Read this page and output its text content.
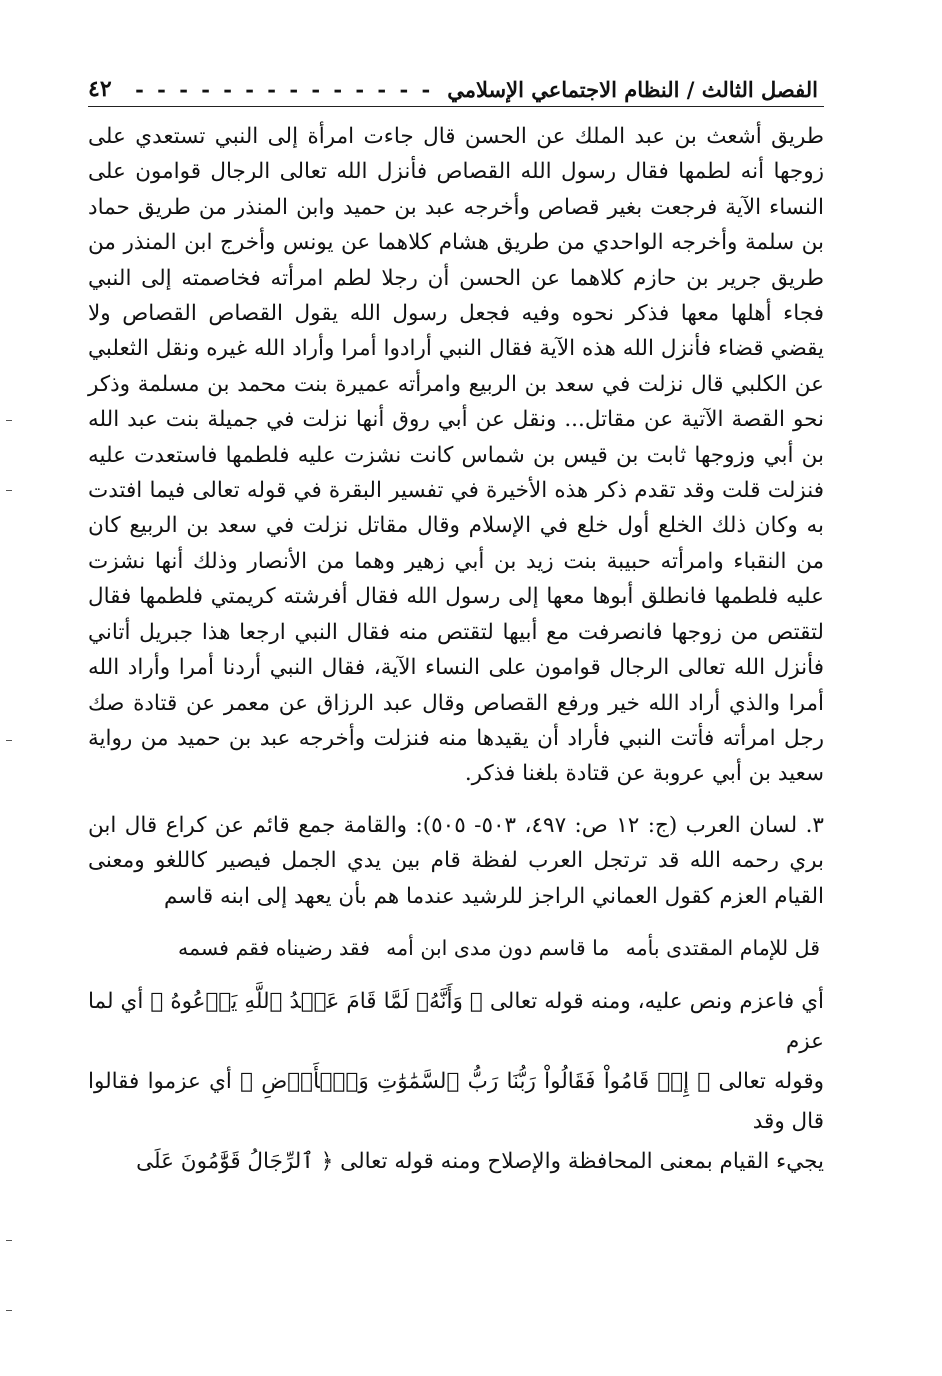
الفصل الثالث / النظام الاجتماعي الإسلامي
- - - - - - - - - - - - - -
٤٢

طريق أشعث بن عبد الملك عن الحسن قال جاءت امرأة إلى النبي تستعدي على زوجها أنه لطمها فقال رسول الله القصاص فأنزل الله تعالى الرجال قوامون على النساء الآية فرجعت بغير قصاص وأخرجه عبد بن حميد وابن المنذر من طريق حماد بن سلمة وأخرجه الواحدي من طريق هشام كلاهما عن يونس وأخرج ابن المنذر من طريق جرير بن حازم كلاهما عن الحسن أن رجلا لطم امرأته فخاصمته إلى النبي فجاء أهلها معها فذكر نحوه وفيه فجعل رسول الله يقول القصاص القصاص ولا يقضي قضاء فأنزل الله هذه الآية فقال النبي أرادوا أمرا وأراد الله غيره ونقل الثعلبي عن الكلبي قال نزلت في سعد بن الربيع وامرأته عميرة بنت محمد بن مسلمة وذكر نحو القصة الآتية عن مقاتل... ونقل عن أبي روق أنها نزلت في جميلة بنت عبد الله بن أبي وزوجها ثابت بن قيس بن شماس كانت نشزت عليه فلطمها فاستعدت عليه فنزلت قلت وقد تقدم ذكر هذه الأخيرة في تفسير البقرة في قوله تعالى فيما افتدت به وكان ذلك الخلع أول خلع في الإسلام وقال مقاتل نزلت في سعد بن الربيع كان من النقباء وامرأته حبيبة بنت زيد بن أبي زهير وهما من الأنصار وذلك أنها نشزت عليه فلطمها فانطلق أبوها معها إلى رسول الله فقال أفرشته كريمتي فلطمها فقال لتقتص من زوجها فانصرفت مع أبيها لتقتص منه فقال النبي ارجعا هذا جبريل أتاني فأنزل الله تعالى الرجال قوامون على النساء الآية، فقال النبي أردنا أمرا وأراد الله أمرا والذي أراد الله خير ورفع القصاص وقال عبد الرزاق عن معمر عن قتادة صك رجل امرأته فأتت النبي فأراد أن يقيدها منه فنزلت وأخرجه عبد بن حميد من رواية سعيد بن أبي عروبة عن قتادة بلغنا فذكر.

٣. لسان العرب (ج: ١٢ ص: ٤٩٧، ٥٠٣- ٥٠٥): والقامة جمع قائم عن كراع قال ابن بري رحمه الله قد ترتجل العرب لفظة قام بين يدي الجمل فيصير كاللغو ومعنى القيام العزم كقول العماني الراجز للرشيد عندما هم بأن يعهد إلى ابنه قاسم

قل للإمام المقتدى بأمه
ما قاسم دون مدى ابن أمه
فقد رضيناه فقم فسمه

أي فاعزم ونص عليه، ومنه قوله تعالى ﴿ وَأَنَّهُۥ لَمَّا قَامَ عَبۡدُ ٱللَّهِ يَدۡعُوهُ ﴾ أي لما عزم

وقوله تعالى ﴿ إِذۡ قَامُواْ فَقَالُواْ رَبُّنَا رَبُّ ٱلسَّمَٰوَٰتِ وَٱلۡأَرۡضِ ﴾ أي عزموا فقالوا قال وقد

يجيء القيام بمعنى المحافظة والإصلاح ومنه قوله تعالى ﴿ ٱلرِّجَالُ قَوَّٰمُونَ عَلَى
